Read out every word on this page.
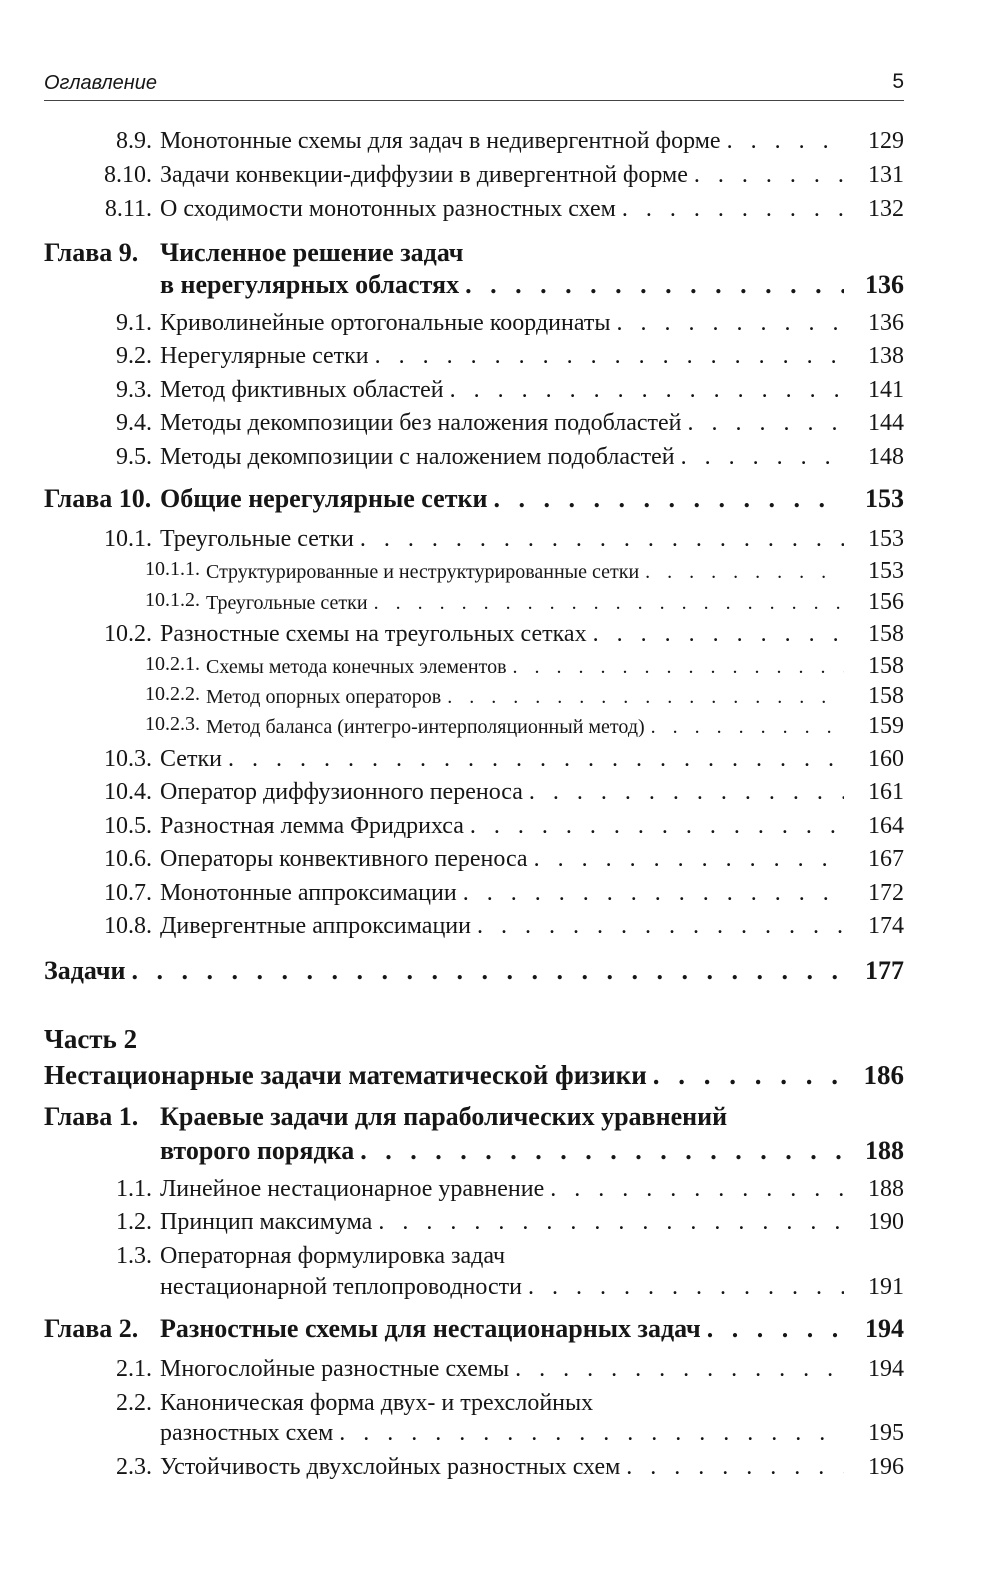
Оглавление	5
8.9. Монотонные схемы для задач в недивергентной форме . . .	129
8.10. Задачи конвекции-диффузии в дивергентной форме . . .	131
8.11. О сходимости монотонных разностных схем . . .	132
Глава 9. Численное решение задач
в нерегулярных областях . . .	136
9.1. Криволинейные ортогональные координаты . . .	136
9.2. Нерегулярные сетки . . .	138
9.3. Метод фиктивных областей . . .	141
9.4. Методы декомпозиции без наложения подобластей . . .	144
9.5. Методы декомпозиции с наложением подобластей . . .	148
Глава 10. Общие нерегулярные сетки . . .	153
10.1. Треугольные сетки . . .	153
10.1.1. Структурированные и неструктурированные сетки . . .	153
10.1.2. Треугольные сетки . . .	156
10.2. Разностные схемы на треугольных сетках . . .	158
10.2.1. Схемы метода конечных элементов . . .	158
10.2.2. Метод опорных операторов . . .	158
10.2.3. Метод баланса (интегро-интерполяционный метод) . . .	159
10.3. Сетки . . .	160
10.4. Оператор диффузионного переноса . . .	161
10.5. Разностная лемма Фридрихса . . .	164
10.6. Операторы конвективного переноса . . .	167
10.7. Монотонные аппроксимации . . .	172
10.8. Дивергентные аппроксимации . . .	174
Задачи . . .	177
Часть 2
Нестационарные задачи математической физики . . .	186
Глава 1. Краевые задачи для параболических уравнений
второго порядка . . .	188
1.1. Линейное нестационарное уравнение . . .	188
1.2. Принцип максимума . . .	190
1.3. Операторная формулировка задач
нестационарной теплопроводности . . .	191
Глава 2. Разностные схемы для нестационарных задач . . .	194
2.1. Многослойные разностные схемы . . .	194
2.2. Каноническая форма двух- и трехслойных
разностных схем . . .	195
2.3. Устойчивость двухслойных разностных схем . . .	196
